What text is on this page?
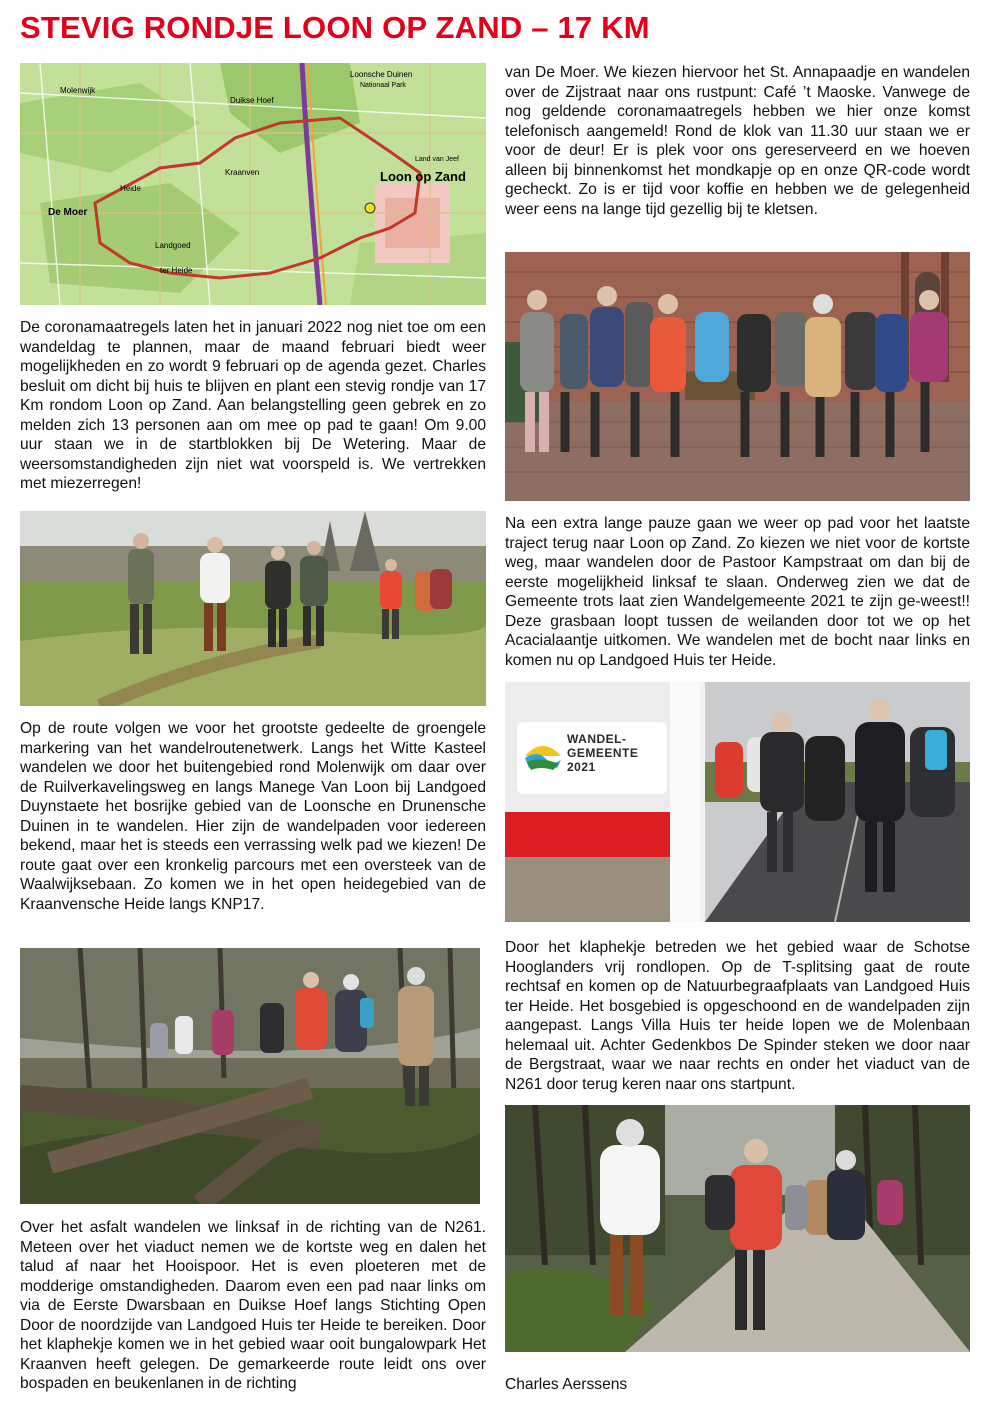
STEVIG RONDJE LOON OP ZAND – 17 KM
Loon op Zand
De Moer
Kraanven
Landgoed
ter Heide
Heide
Molenwijk
Duikse Hoef
Loonsche Duinen
Nationaal Park
Land van Jeef

De coronamaatregels laten het in januari 2022 nog niet toe om een wandeldag te plannen, maar de maand februari biedt weer mogelijkheden en zo wordt 9 februari op de agenda gezet. Charles besluit om dicht bij huis te blijven en plant een stevig rondje van 17 Km rondom Loon op Zand. Aan belangstelling geen gebrek en zo melden zich 13 personen aan om mee op pad te gaan! Om 9.00 uur staan we in de startblokken bij De Wetering. Maar de weersomstandigheden zijn niet wat voorspeld is. We vertrekken met miezerregen!

Op de route volgen we voor het grootste gedeelte de groengele markering van het wandelroutenetwerk. Langs het Witte Kasteel wandelen we door het buitengebied rond Molenwijk om daar over de Ruilverkavelingsweg en langs Manege Van Loon bij Landgoed Duynstaete het bosrijke gebied van de Loonsche en Drunensche Duinen in te wandelen. Hier zijn de wandelpaden voor iedereen bekend, maar het is steeds een verrassing welk pad we kiezen! De route gaat over een kronkelig parcours met een oversteek van de Waalwijksebaan. Zo komen we in het open heidegebied van de Kraanvensche Heide langs KNP17.

Over het asfalt wandelen we linksaf in de richting van de N261. Meteen over het viaduct nemen we de kortste weg en dalen het talud af naar het Hooispoor. Het is even ploeteren met de modderige omstandigheden. Daarom even een pad naar links om via de Eerste Dwarsbaan en Duikse Hoef langs Stichting Open Door de noordzijde van Landgoed Huis ter Heide te bereiken. Door het klaphekje komen we in het gebied waar ooit bungalowpark Het Kraanven heeft gelegen. De gemarkeerde route leidt ons over bospaden en beukenlanen in de richting

van De Moer. We kiezen hiervoor het St. Annapaadje en wandelen over de Zijstraat naar ons rustpunt: Café ’t Maoske. Vanwege de nog geldende coronamaatregels hebben we hier onze komst telefonisch aangemeld! Rond de klok van 11.30 uur staan we er voor de deur! Er is plek voor ons gereserveerd en we hoeven alleen bij binnenkomst het mondkapje op en onze QR-code wordt gecheckt. Zo is er tijd voor koffie en hebben we de gelegenheid weer eens na lange tijd gezellig bij te kletsen.

Na een extra lange pauze gaan we weer op pad voor het laatste traject terug naar Loon op Zand. Zo kiezen we niet voor de kortste weg, maar wandelen door de Pastoor Kampstraat om dan bij de eerste mogelijkheid linksaf te slaan. Onderweg zien we dat de Gemeente trots laat zien Wandelgemeente 2021 te zijn ge-weest!! Deze grasbaan loopt tussen de weilanden door tot we op het Acacialaantje uitkomen. We wandelen met de bocht naar links en komen nu op Landgoed Huis ter Heide.

WANDEL-
GEMEENTE
2021

Door het klaphekje betreden we het gebied waar de Schotse Hooglanders vrij rondlopen. Op de T-splitsing gaat de route rechtsaf en komen op de Natuurbegraafplaats van Landgoed Huis ter Heide. Het bosgebied is opgeschoond en de wandelpaden zijn aangepast. Langs Villa Huis ter heide lopen we de Molenbaan helemaal uit. Achter Gedenkbos De Spinder steken we door naar de Bergstraat, waar we naar rechts en onder het viaduct van de N261 door terug keren naar ons startpunt.

Charles Aerssens
